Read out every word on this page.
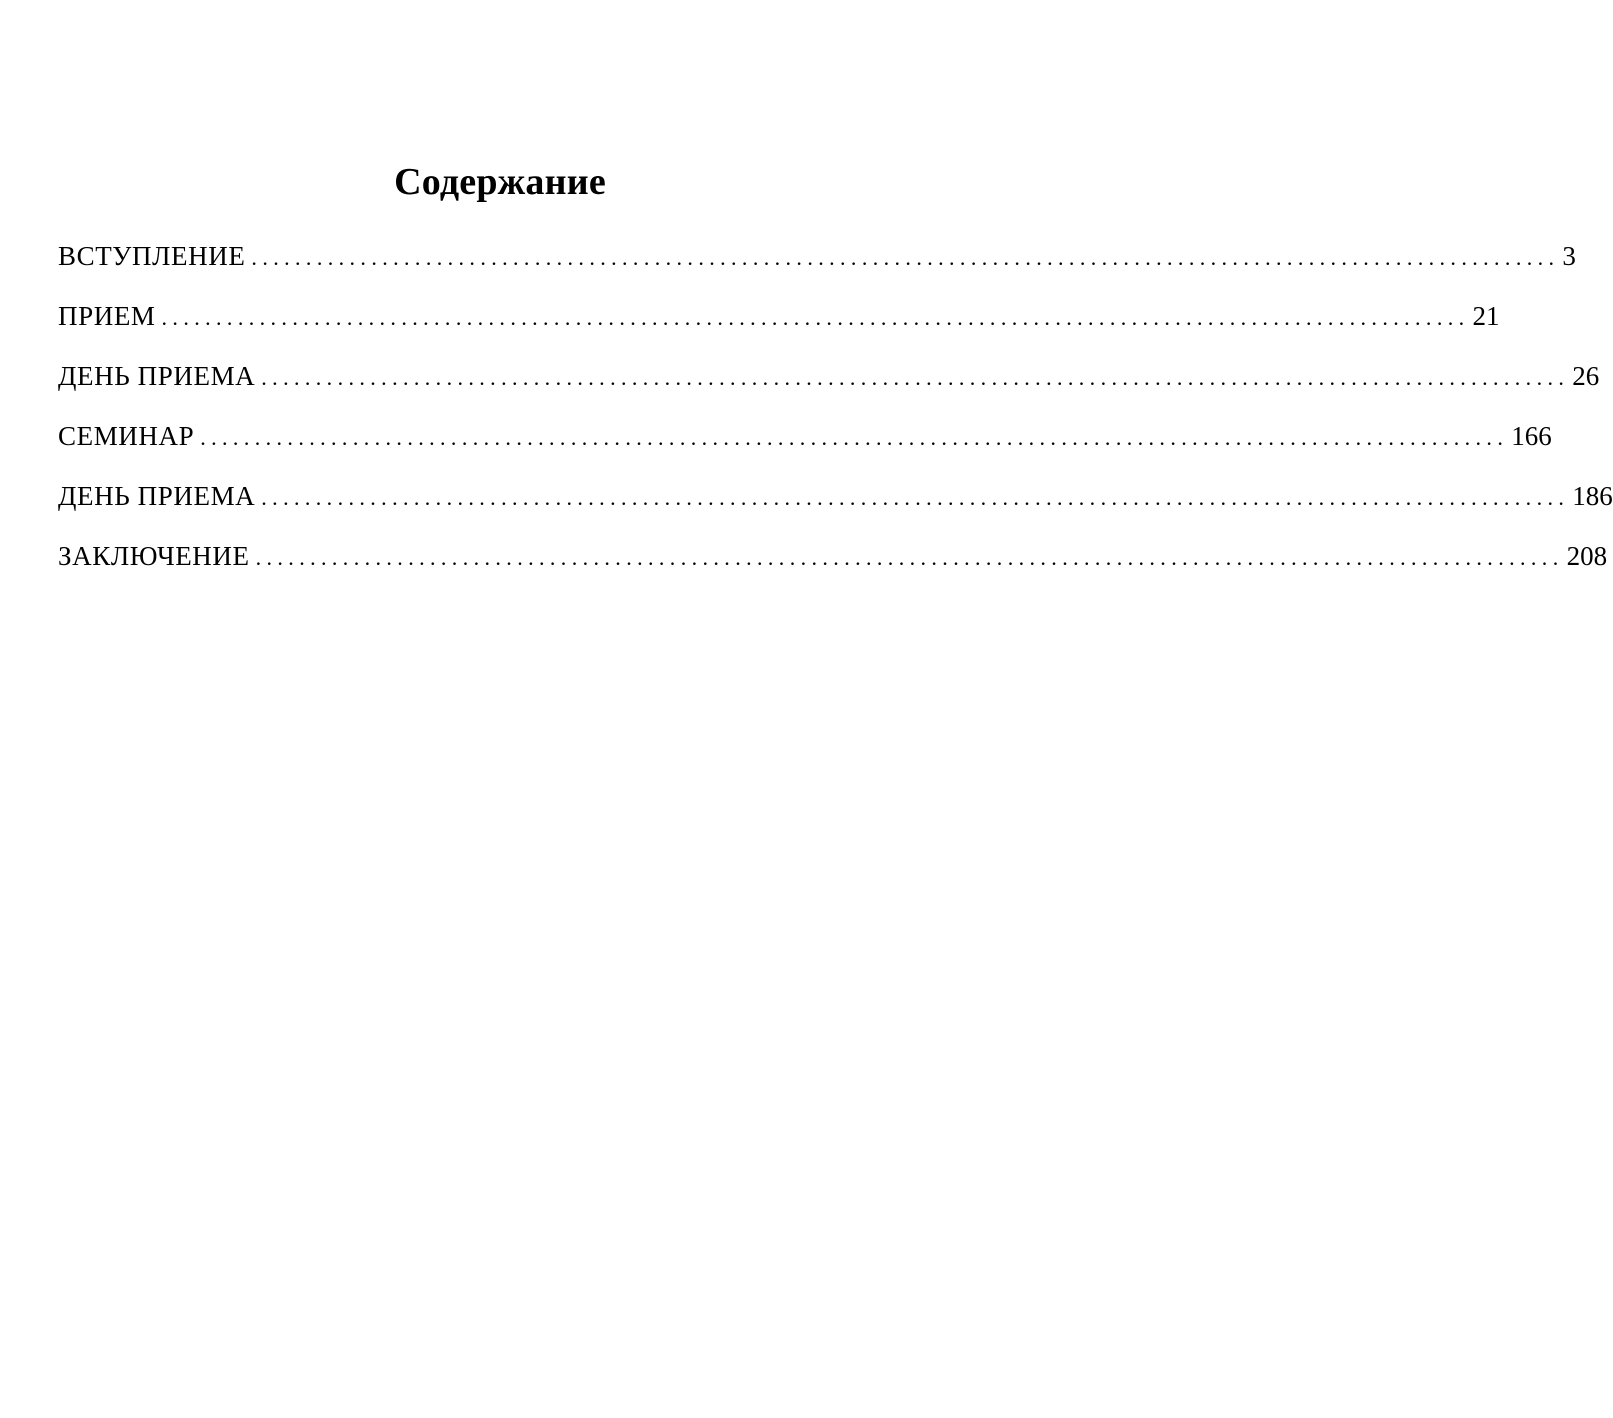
Содержание
ВСТУПЛЕНИЕ ........................................................................................................................ 3
ПРИЕМ ........................................................................................................................ 21
ДЕНЬ ПРИЕМА ........................................................................................................................ 26
СЕМИНАР ........................................................................................................................ 166
ДЕНЬ ПРИЕМА ........................................................................................................................ 186
ЗАКЛЮЧЕНИЕ ........................................................................................................................ 208
